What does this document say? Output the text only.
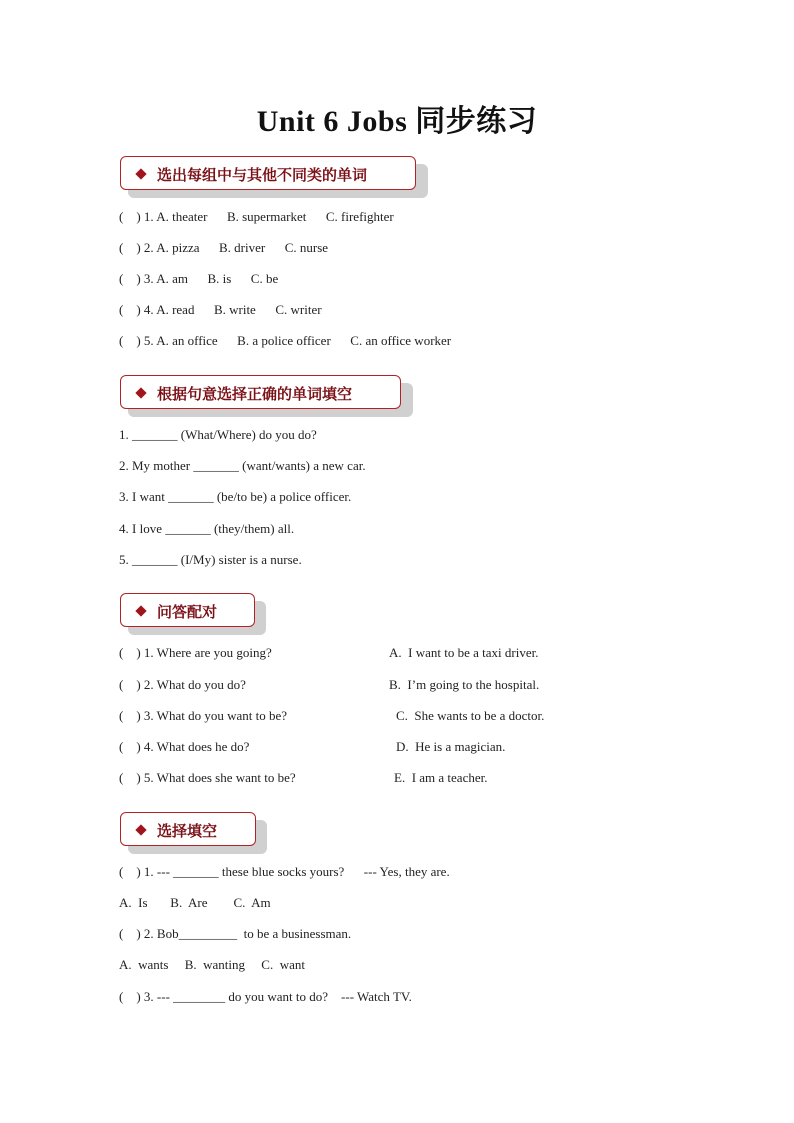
Unit 6 Jobs 同步练习
选出每组中与其他不同类的单词
(    ) 1. A. theater      B. supermarket      C. firefighter
(    ) 2. A. pizza      B. driver      C. nurse
(    ) 3. A. am      B. is      C. be
(    ) 4. A. read      B. write      C. writer
(    ) 5. A. an office      B. a police officer      C. an office worker
根据句意选择正确的单词填空
1. _______ (What/Where) do you do?
2. My mother _______ (want/wants) a new car.
3. I want _______ (be/to be) a police officer.
4. I love _______ (they/them) all.
5. _______ (I/My) sister is a nurse.
问答配对
(    ) 1. Where are you going?
(    ) 2. What do you do?
(    ) 3. What do you want to be?
(    ) 4. What does he do?
(    ) 5. What does she want to be?
A.  I want to be a taxi driver.
B.  I’m going to the hospital.
C.  She wants to be a doctor.
D.  He is a magician.
E.  I am a teacher.
选择填空
(    ) 1. --- _______ these blue socks yours?      --- Yes, they are.
A.  Is       B.  Are        C.  Am
(    ) 2. Bob_________  to be a businessman.
A.  wants     B.  wanting     C.  want
(    ) 3. --- ________ do you want to do?    --- Watch TV.
